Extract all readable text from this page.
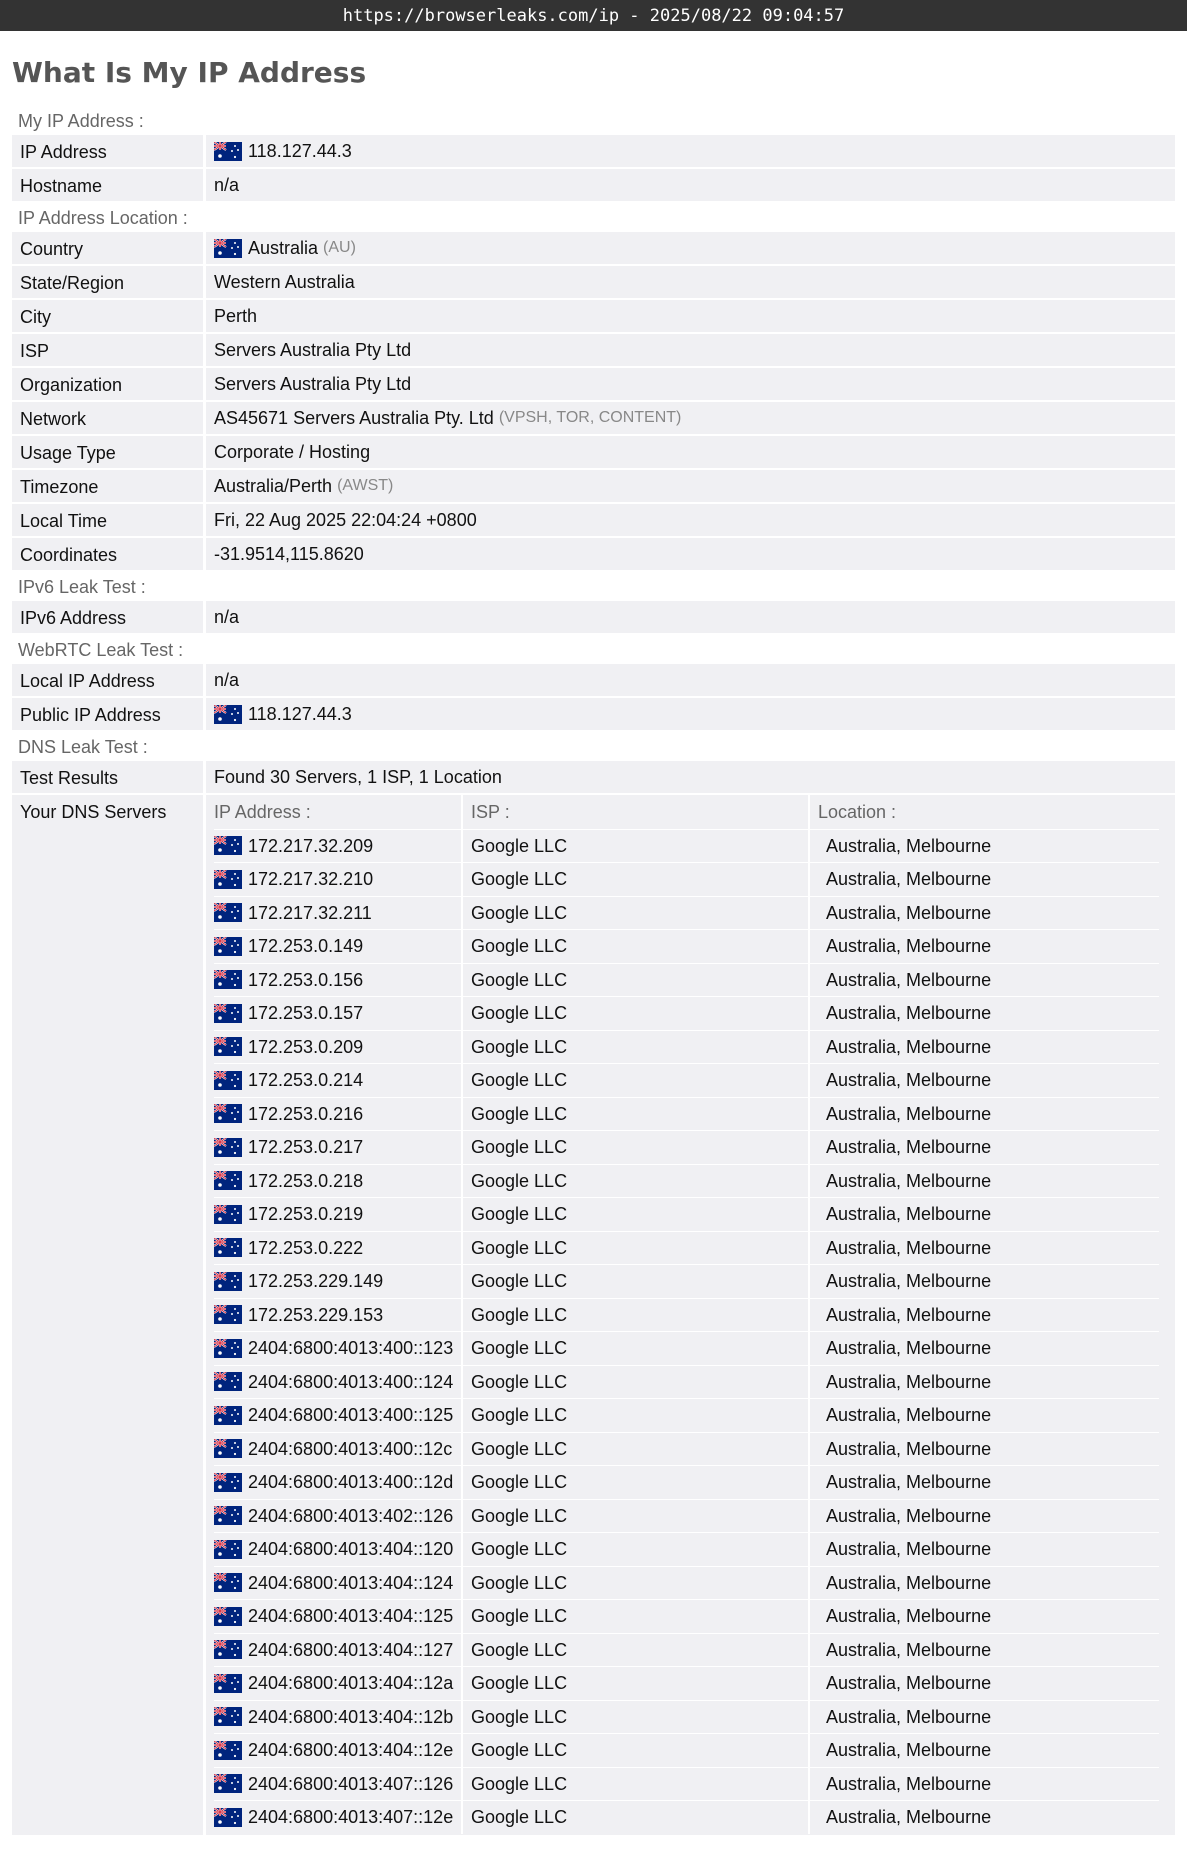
https://browserleaks.com/ip - 2025/08/22 09:04:57
What Is My IP Address
My IP Address :
IP Address	118.127.44.3
Hostname	n/a
IP Address Location :
Country	Australia (AU)
State/Region	Western Australia
City	Perth
ISP	Servers Australia Pty Ltd
Organization	Servers Australia Pty Ltd
Network	AS45671 Servers Australia Pty. Ltd (VPSH, TOR, CONTENT)
Usage Type	Corporate / Hosting
Timezone	Australia/Perth (AWST)
Local Time	Fri, 22 Aug 2025 22:04:24 +0800
Coordinates	-31.9514,115.8620
IPv6 Leak Test :
IPv6 Address	n/a
WebRTC Leak Test :
Local IP Address	n/a
Public IP Address	118.127.44.3
DNS Leak Test :
Test Results	Found 30 Servers, 1 ISP, 1 Location
Your DNS Servers	IP Address :	ISP :	Location :
172.217.32.209	Google LLC	Australia, Melbourne
172.217.32.210	Google LLC	Australia, Melbourne
172.217.32.211	Google LLC	Australia, Melbourne
172.253.0.149	Google LLC	Australia, Melbourne
172.253.0.156	Google LLC	Australia, Melbourne
172.253.0.157	Google LLC	Australia, Melbourne
172.253.0.209	Google LLC	Australia, Melbourne
172.253.0.214	Google LLC	Australia, Melbourne
172.253.0.216	Google LLC	Australia, Melbourne
172.253.0.217	Google LLC	Australia, Melbourne
172.253.0.218	Google LLC	Australia, Melbourne
172.253.0.219	Google LLC	Australia, Melbourne
172.253.0.222	Google LLC	Australia, Melbourne
172.253.229.149	Google LLC	Australia, Melbourne
172.253.229.153	Google LLC	Australia, Melbourne
2404:6800:4013:400::123 Google LLC	Australia, Melbourne
2404:6800:4013:400::124 Google LLC	Australia, Melbourne
2404:6800:4013:400::125 Google LLC	Australia, Melbourne
2404:6800:4013:400::12c	Google LLC	Australia, Melbourne
2404:6800:4013:400::12d Google LLC	Australia, Melbourne
2404:6800:4013:402::126 Google LLC	Australia, Melbourne
2404:6800:4013:404::120 Google LLC	Australia, Melbourne
2404:6800:4013:404::124 Google LLC	Australia, Melbourne
2404:6800:4013:404::125 Google LLC	Australia, Melbourne
2404:6800:4013:404::127 Google LLC	Australia, Melbourne
2404:6800:4013:404::12a Google LLC	Australia, Melbourne
2404:6800:4013:404::12b Google LLC	Australia, Melbourne
2404:6800:4013:404::12e Google LLC	Australia, Melbourne
2404:6800:4013:407::126 Google LLC	Australia, Melbourne
2404:6800:4013:407::12e Google LLC	Australia, Melbourne
